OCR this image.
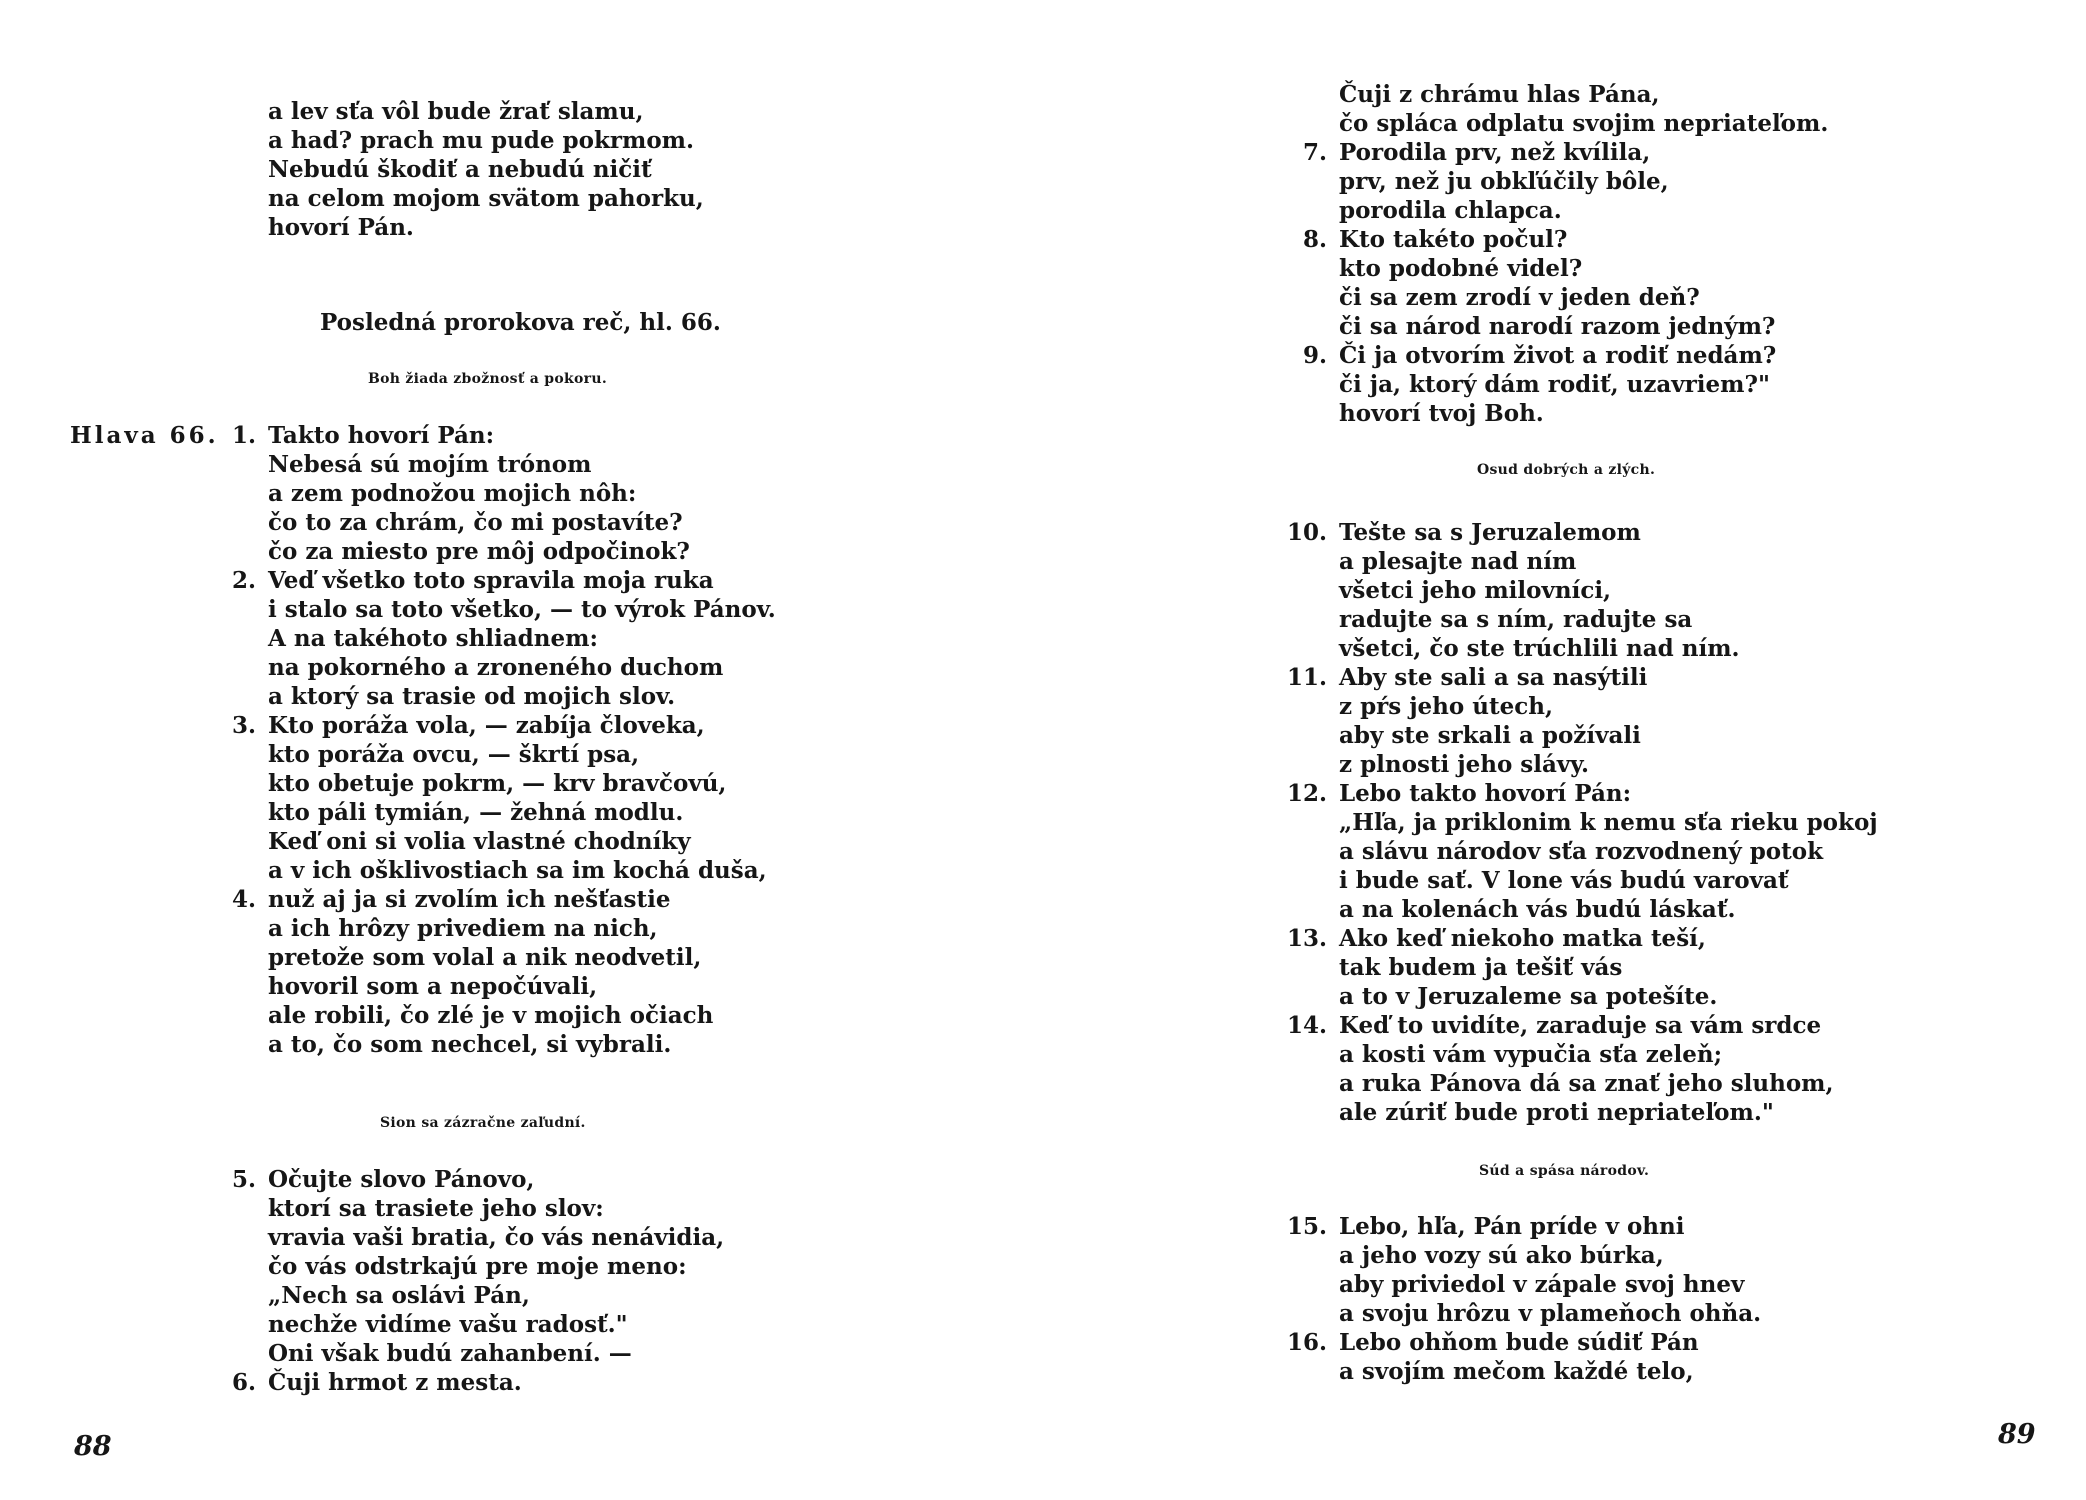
a lev sťa vôl bude žrať slamu,
a had? prach mu pude pokrmom.
Nebudú škodiť a nebudú ničiť
na celom mojom svätom pahorku,
hovorí Pán.
Posledná prorokova reč, hl. 66.
Boh žiada zbožnosť a pokoru.
Hlava 66. 1. Takto hovorí Pán:
Nebesá sú mojím trónom
a zem podnožou mojich nôh:
čo to za chrám, čo mi postavíte?
čo za miesto pre môj odpočinok?
2. Veď všetko toto spravila moja ruka
i stalo sa toto všetko, — to výrok Pánov.
A na takéhoto shliadnem:
na pokorného a zroneného duchom
a ktorý sa trasie od mojich slov.
3. Kto poráža vola, — zabíja človeka,
kto poráža ovcu, — škrtí psa,
kto obetuje pokrm, — krv bravčovú,
kto páli tymián, — žehná modlu.
Keď oni si volia vlastné chodníky
a v ich ošklivostiach sa im kochá duša,
4. nuž aj ja si zvolím ich nešťastie
a ich hrôzy privediem na nich,
pretože som volal a nik neodvetil,
hovoril som a nepočúvali,
ale robili, čo zlé je v mojich očiach
a to, čo som nechcel, si vybrali.
Sion sa zázračne zaľudní.
5. Očujte slovo Pánovo,
ktorí sa trasiete jeho slov:
vravia vaši bratia, čo vás nenávidia,
čo vás odstrkajú pre moje meno:
„Nech sa oslávi Pán,
nechže vidíme vašu radosť."
Oni však budú zahanbení. —
6. Čuji hrmot z mesta.
88
Čuji z chrámu hlas Pána,
čo spláca odplatu svojim nepriateľom.
7. Porodila prv, než kvílila,
prv, než ju obkľúčily bôle,
porodila chlapca.
8. Kto takéto počul?
kto podobné videl?
či sa zem zrodí v jeden deň?
či sa národ narodí razom jedným?
9. Či ja otvorím život a rodiť nedám?
či ja, ktorý dám rodiť, uzavriem?"
hovorí tvoj Boh.
Osud dobrých a zlých.
10. Tešte sa s Jeruzalemom
a plesajte nad ním
všetci jeho milovníci,
radujte sa s ním, radujte sa
všetci, čo ste trúchlili nad ním.
11. Aby ste sali a sa nasýtili
z pŕs jeho útech,
aby ste srkali a požívali
z plnosti jeho slávy.
12. Lebo takto hovorí Pán:
„Hľa, ja priklonim k nemu sťa rieku pokoj
a slávu národov sťa rozvodnený potok
i bude sať. V lone vás budú varovať
a na kolenách vás budú láskať.
13. Ako keď niekoho matka teší,
tak budem ja tešiť vás
a to v Jeruzaleme sa potešíte.
14. Keď to uvidíte, zaraduje sa vám srdce
a kosti vám vypučia sťa zeleň;
a ruka Pánova dá sa znať jeho sluhom,
ale zúriť bude proti nepriateľom."
Súd a spása národov.
15. Lebo, hľa, Pán príde v ohni
a jeho vozy sú ako búrka,
aby priviedol v zápale svoj hnev
a svoju hrôzu v plameňoch ohňa.
16. Lebo ohňom bude súdiť Pán
a svojím mečom každé telo,
89
